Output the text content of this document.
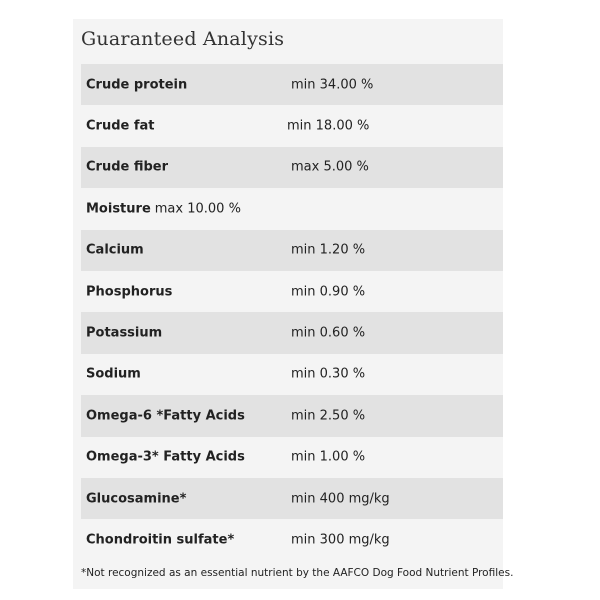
Guaranteed Analysis
Crude protein	min 34.00 %
Crude fat	min 18.00 %
Crude fiber	max 5.00 %
Moisture max 10.00 %
Calcium	min 1.20 %
Phosphorus	min 0.90 %
Potassium	min 0.60 %
Sodium	min 0.30 %
Omega-6 *Fatty Acids	min 2.50 %
Omega-3* Fatty Acids	min 1.00 %
Glucosamine*	min 400 mg/kg
Chondroitin sulfate*	min 300 mg/kg
*Not recognized as an essential nutrient by the AAFCO Dog Food Nutrient Profiles.
